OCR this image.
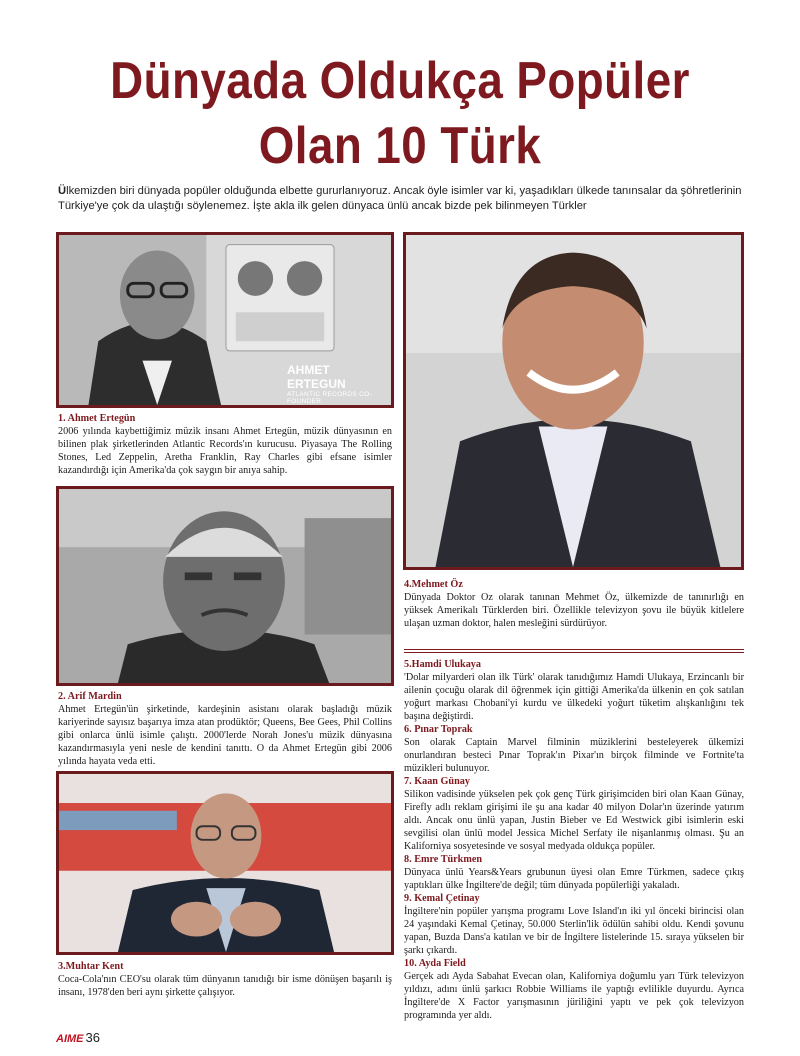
Dünyada Oldukça Popüler
Olan 10 Türk
Ülkemizden biri dünyada popüler olduğunda elbette gururlanıyoruz. Ancak öyle isimler var ki, yaşadıkları ülkede tanınsalar da şöhretlerinin Türkiye'ye çok da ulaştığı söylenemez. İşte akla ilk gelen dünyaca ünlü ancak bizde pek bilinmeyen Türkler
AHMET ERTEGUN
ATLANTIC RECORDS CO-FOUNDER
1. Ahmet Ertegün
2006 yılında kaybettiğimiz müzik insanı Ahmet Ertegün, müzik dünyasının en bilinen plak şirketlerinden Atlantic Records'ın kurucusu. Piyasaya The Rolling Stones, Led Zeppelin, Aretha Franklin, Ray Charles gibi efsane isimler kazandırdığı için Amerika'da çok saygın bir anıya sahip.
2. Arif Mardin
Ahmet Ertegün'ün şirketinde, kardeşinin asistanı olarak başladığı müzik kariyerinde sayısız başarıya imza atan prodüktör; Queens, Bee Gees, Phil Collins gibi onlarca ünlü isimle çalıştı. 2000'lerde Norah Jones'u müzik dünyasına kazandırmasıyla yeni nesle de kendini tanıttı. O da Ahmet Ertegün gibi 2006 yılında hayata veda etti.
3.Muhtar Kent
Coca-Cola'nın CEO'su olarak tüm dünyanın tanıdığı bir isme dönüşen başarılı iş insanı, 1978'den beri aynı şirkette çalışıyor.
4.Mehmet Öz
Dünyada Doktor Oz olarak tanınan Mehmet Öz, ülkemizde de tanınırlığı en yüksek Amerikalı Türklerden biri. Özellikle televizyon şovu ile büyük kitlelere ulaşan uzman doktor, halen mesleğini sürdürüyor.
5.Hamdi Ulukaya
'Dolar milyarderi olan ilk Türk' olarak tanıdığımız Hamdi Ulukaya, Erzincanlı bir ailenin çocuğu olarak dil öğrenmek için gittiği Amerika'da ülkenin en çok satılan yoğurt markası Chobani'yi kurdu ve ülkedeki yoğurt tüketim alışkanlığını tek başına değiştirdi.
6. Pınar Toprak
Son olarak Captain Marvel filminin müziklerini besteleyerek ülkemizi onurlandıran besteci Pınar Toprak'ın Pixar'ın birçok filminde ve Fortnite'ta müzikleri bulunuyor.
7. Kaan Günay
Silikon vadisinde yükselen pek çok genç Türk girişimciden biri olan Kaan Günay, Firefly adlı reklam girişimi ile şu ana kadar 40 milyon Dolar'ın üzerinde yatırım aldı. Ancak onu ünlü yapan, Justin Bieber ve Ed Westwick gibi isimlerin eski sevgilisi olan ünlü model Jessica Michel Serfaty ile nişanlanmış olması. Şu an Kaliforniya sosyetesinde ve sosyal medyada oldukça popüler.
8. Emre Türkmen
Dünyaca ünlü Years&Years grubunun üyesi olan Emre Türkmen, sadece çıkış yaptıkları ülke İngiltere'de değil; tüm dünyada popülerliği yakaladı.
9. Kemal Çetinay
İngiltere'nin popüler yarışma programı Love Island'ın iki yıl önceki birincisi olan 24 yaşındaki Kemal Çetinay, 50.000 Sterlin'lik ödülün sahibi oldu. Kendi şovunu yapan, Buzda Dans'a katılan ve bir de İngiltere listelerinde 15. sıraya yükselen bir şarkı çıkardı.
10. Ayda Field
Gerçek adı Ayda Sabahat Evecan olan, Kaliforniya doğumlu yarı Türk televizyon yıldızı, adını ünlü şarkıcı Robbie Williams ile yaptığı evlilikle duyurdu. Ayrıca İngiltere'de X Factor yarışmasının jüriliğini yaptı ve pek çok televizyon programında yer aldı.
AIME 36
